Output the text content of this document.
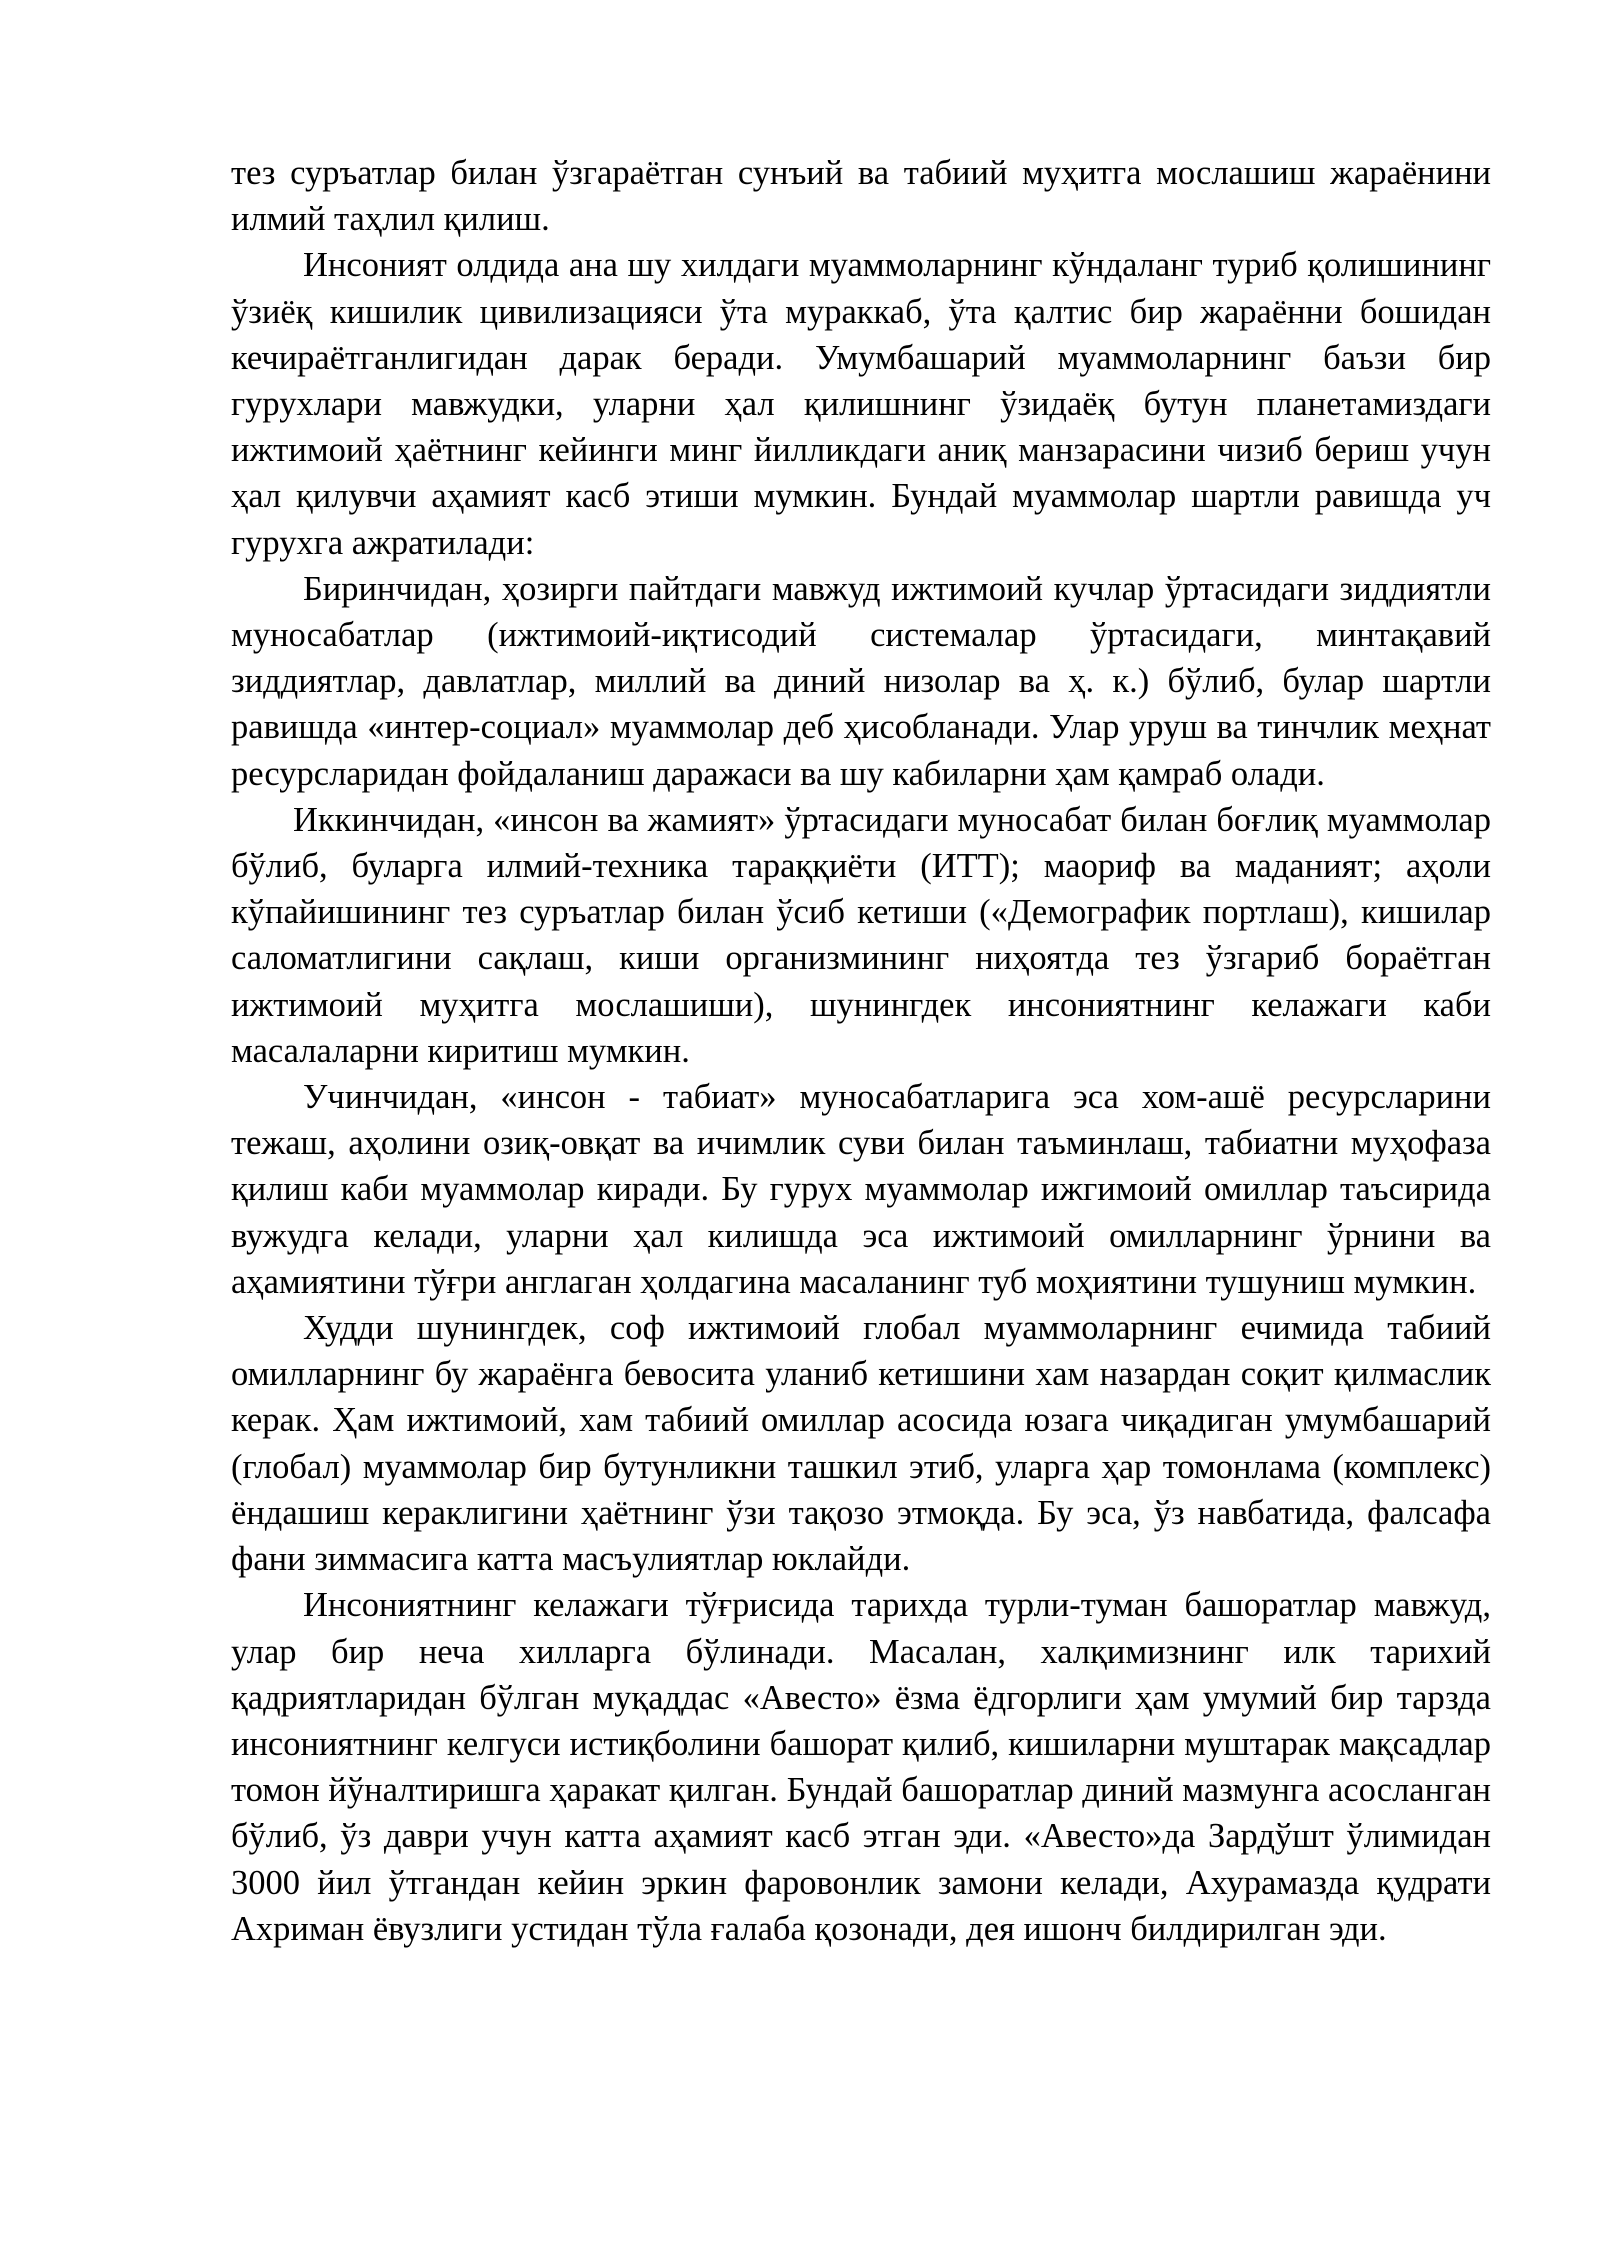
тез суръатлар билан ўзгараётган сунъий ва табиий муҳитга мослашиш жараёнини илмий таҳлил қилиш.

Инсоният олдида ана шу хилдаги муаммоларнинг кўндаланг туриб қолишининг ўзиёқ кишилик цивилизацияси ўта мураккаб, ўта қалтис бир жараённи бошидан кечираётганлигидан дарак беради. Умумбашарий муаммоларнинг баъзи бир гурухлари мавжудки, уларни ҳал қилишнинг ўзидаёқ бутун планетамиздаги ижтимоий ҳаётнинг кейинги минг йилликдаги аниқ манзарасини чизиб бериш учун ҳал қилувчи аҳамият касб этиши мумкин. Бундай муаммолар шартли равишда уч гурухга ажратилади:

Биринчидан, ҳозирги пайтдаги мавжуд ижтимоий кучлар ўртасидаги зиддиятли муносабатлар (ижтимоий-иқтисодий системалар ўртасидаги, минтақавий зиддиятлар, давлатлар, миллий ва диний низолар ва ҳ. к.) бўлиб, булар шартли равишда «интер-социал» муаммолар деб ҳисобланади. Улар уруш ва тинчлик меҳнат ресурсларидан фойдаланиш даражаси ва шу кабиларни ҳам қамраб олади.

Иккинчидан, «инсон ва жамият» ўртасидаги муносабат билан боғлиқ муаммолар бўлиб, буларга илмий-техника тараққиёти (ИТТ); маориф ва маданият; аҳоли кўпайишининг тез суръатлар билан ўсиб кетиши («Демографик портлаш), кишилар саломатлигини сақлаш, киши организмининг ниҳоятда тез ўзгариб бораётган ижтимоий муҳитга мослашиши), шунингдек инсониятнинг келажаги каби масалаларни киритиш мумкин.

Учинчидан, «инсон - табиат» муносабатларига эса хом-ашё ресурсларини тежаш, аҳолини озиқ-овқат ва ичимлик суви билан таъминлаш, табиатни муҳофаза қилиш каби муаммолар киради. Бу гурух муаммолар ижгимоий омиллар таъсирида вужудга келади, уларни ҳал килишда эса ижтимоий омилларнинг ўрнини ва аҳамиятини тўғри англаган ҳолдагина масаланинг туб моҳиятини тушуниш мумкин.

Худди шунингдек, соф ижтимоий глобал муаммоларнинг ечимида табиий омилларнинг бу жараёнга бевосита уланиб кетишини хам назардан соқит қилмаслик керак. Ҳам ижтимоий, хам табиий омиллар асосида юзага чиқадиган умумбашарий (глобал) муаммолар бир бутунликни ташкил этиб, уларга ҳар томонлама (комплекс) ёндашиш кераклигини ҳаётнинг ўзи тақозо этмоқда. Бу эса, ўз навбатида, фалсафа фани зиммасига катта масъулиятлар юклайди.

Инсониятнинг келажаги тўғрисида тарихда турли-туман башоратлар мавжуд, улар бир неча хилларга бўлинади. Масалан, халқимизнинг илк тарихий қадриятларидан бўлган муқаддас «Авесто» ёзма ёдгорлиги ҳам умумий бир тарзда инсониятнинг келгуси истиқболини башорат қилиб, кишиларни муштарак мақсадлар томон йўналтиришга ҳаракат қилган. Бундай башоратлар диний мазмунга асосланган бўлиб, ўз даври учун катта аҳамият касб этган эди. «Авесто»да Зардўшт ўлимидан 3000 йил ўтгандан кейин эркин фаровонлик замони келади, Ахурамазда қудрати Ахриман ёвузлиги устидан тўла ғалаба қозонади, дея ишонч билдирилган эди.
